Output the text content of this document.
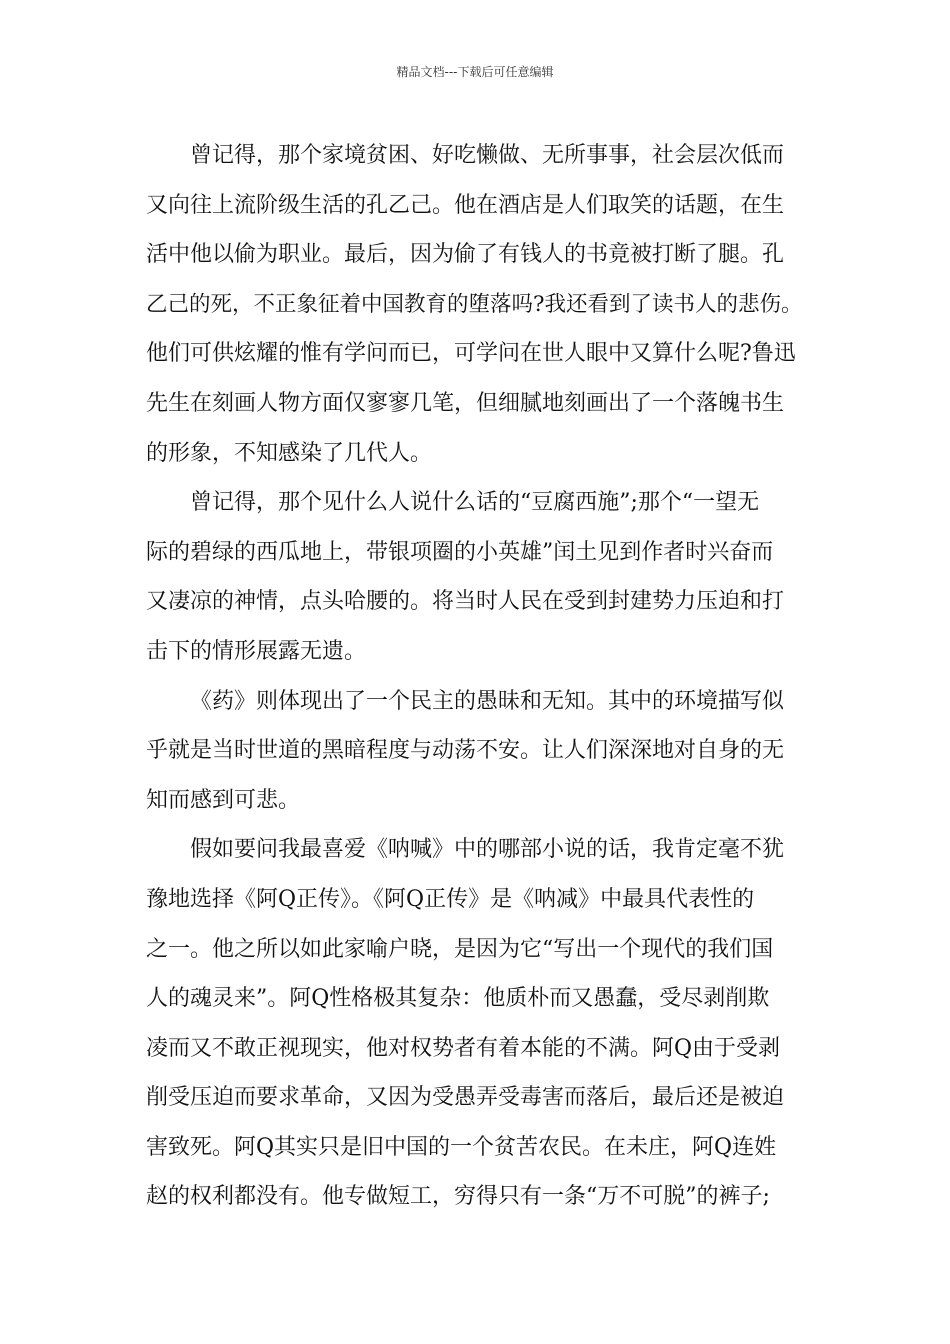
精品文档---下载后可任意编辑
曾记得，那个家境贫困、好吃懒做、无所事事，社会层次低而
又向往上流阶级生活的孔乙己。他在酒店是人们取笑的话题，在生
活中他以偷为职业。最后，因为偷了有钱人的书竟被打断了腿。孔
乙己的死，不正象征着中国教育的堕落吗?我还看到了读书人的悲伤。
他们可供炫耀的惟有学问而已，可学问在世人眼中又算什么呢?鲁迅
先生在刻画人物方面仅寥寥几笔，但细腻地刻画出了一个落魄书生
的形象，不知感染了几代人。
曾记得，那个见什么人说什么话的“豆腐西施”;那个“一望无
际的碧绿的西瓜地上，带银项圈的小英雄”闰土见到作者时兴奋而
又凄凉的神情，点头哈腰的。将当时人民在受到封建势力压迫和打
击下的情形展露无遗。
《药》则体现出了一个民主的愚昧和无知。其中的环境描写似
乎就是当时世道的黑暗程度与动荡不安。让人们深深地对自身的无
知而感到可悲。
假如要问我最喜爱《呐喊》中的哪部小说的话，我肯定毫不犹
豫地选择《阿Q正传》。《阿Q正传》是《呐减》中最具代表性的
之一。他之所以如此家喻户晓，是因为它“写出一个现代的我们国
人的魂灵来”。阿Q性格极其复杂：他质朴而又愚蠢，受尽剥削欺
凌而又不敢正视现实，他对权势者有着本能的不满。阿Q由于受剥
削受压迫而要求革命，又因为受愚弄受毒害而落后，最后还是被迫
害致死。阿Q其实只是旧中国的一个贫苦农民。在未庄，阿Q连姓
赵的权利都没有。他专做短工，穷得只有一条“万不可脱”的裤子;
